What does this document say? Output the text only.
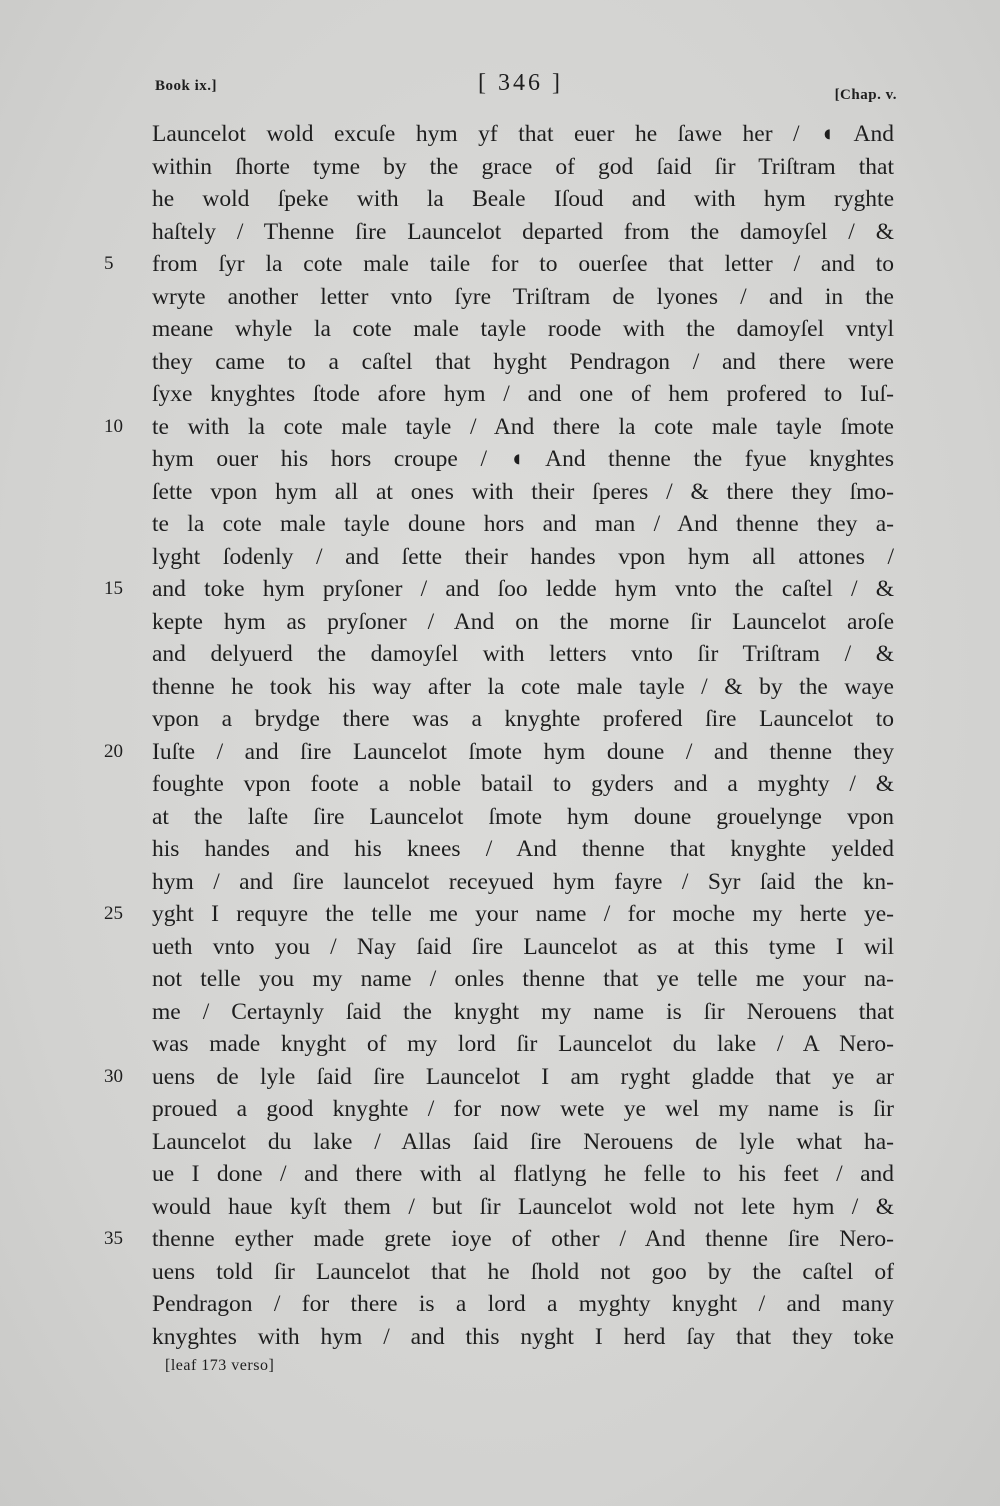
Book ix.]	[ 346 ]	[Chap. v.
Launcelot wold excuſe hym yf that euer he ſawe her / ◖ And
within ſhorte tyme by the grace of god ſaid ſir Triſtram that
he wold ſpeke with la Beale Iſoud and with hym ryghte
haſtely / Thenne ſire Launcelot departed from the damoyſel / &
5	from ſyr la cote male taile for to ouerſee that letter / and to
wryte another letter vnto ſyre Triſtram de lyones / and in the
meane whyle la cote male tayle roode with the damoyſel vntyl
they came to a caſtel that hyght Pendragon / and there were
ſyxe knyghtes ſtode afore hym / and one of hem profered to Iuſ-
10	te with la cote male tayle / And there la cote male tayle ſmote
hym ouer his hors croupe / ◖ And thenne the fyue knyghtes
ſette vpon hym all at ones with their ſperes / & there they ſmo-
te la cote male tayle doune hors and man / And thenne they a-
lyght ſodenly / and ſette their handes vpon hym all attones /
15	and toke hym pryſoner / and ſoo ledde hym vnto the caſtel / &
kepte hym as pryſoner / And on the morne ſir Launcelot aroſe
and delyuerd the damoyſel with letters vnto ſir Triſtram / &
thenne he took his way after la cote male tayle / & by the waye
vpon a brydge there was a knyghte profered ſire Launcelot to
20	Iuſte / and ſire Launcelot ſmote hym doune / and thenne they
foughte vpon foote a noble batail to gyders and a myghty / &
at the laſte ſire Launcelot ſmote hym doune grouelynge vpon
his handes and his knees / And thenne that knyghte yelded
hym / and ſire launcelot receyued hym fayre / Syr ſaid the kn-
25	yght I requyre the telle me your name / for moche my herte ye-
ueth vnto you / Nay ſaid ſire Launcelot as at this tyme I wil
not telle you my name / onles thenne that ye telle me your na-
me / Certaynly ſaid the knyght my name is ſir Nerouens that
was made knyght of my lord ſir Launcelot du lake / A Nero-
30	uens de lyle ſaid ſire Launcelot I am ryght gladde that ye ar
proued a good knyghte / for now wete ye wel my name is ſir
Launcelot du lake / Allas ſaid ſire Nerouens de lyle what ha-
ue I done / and there with al flatlyng he felle to his feet / and
would haue kyſt them / but ſir Launcelot wold not lete hym / &
35	thenne eyther made grete ioye of other / And thenne ſire Nero-
uens told ſir Launcelot that he ſhold not goo by the caſtel of
Pendragon / for there is a lord a myghty knyght / and many
knyghtes with hym / and this nyght I herd ſay that they toke
[leaf 173 verso]
